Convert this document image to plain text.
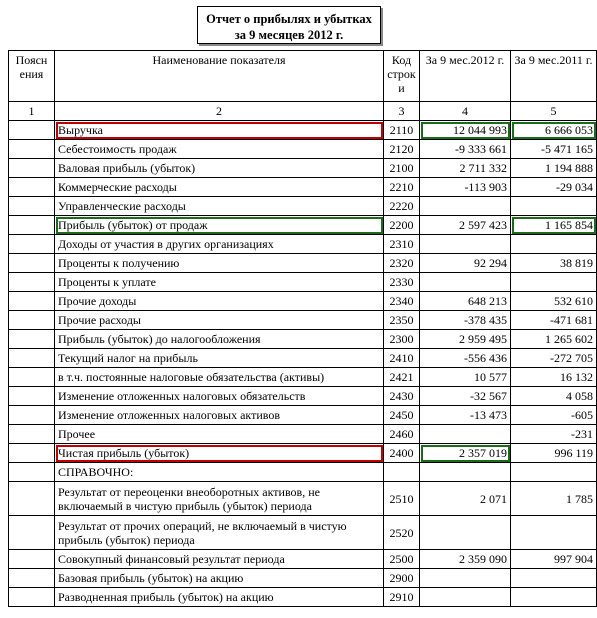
Отчет о прибылях и убытках
за 9 месяцев 2012 г.
Поясн ения	Наименование показателя	Код строк и	За 9 мес.2012 г.	За 9 мес.2011 г.
1	2	3	4	5
	Выручка	2110	12 044 993	6 666 053
	Себестоимость продаж	2120	-9 333 661	-5 471 165
	Валовая прибыль (убыток)	2100	2 711 332	1 194 888
	Коммерческие расходы	2210	-113 903	-29 034
	Управленческие расходы	2220		
	Прибыль (убыток) от продаж	2200	2 597 423	1 165 854
	Доходы от участия в других организациях	2310		
	Проценты к получению	2320	92 294	38 819
	Проценты к уплате	2330		
	Прочие доходы	2340	648 213	532 610
	Прочие расходы	2350	-378 435	-471 681
	Прибыль (убыток) до налогообложения	2300	2 959 495	1 265 602
	Текущий налог на прибыль	2410	-556 436	-272 705
	в т.ч. постоянные налоговые обязательства (активы)	2421	10 577	16 132
	Изменение отложенных налоговых обязательств	2430	-32 567	4 058
	Изменение отложенных налоговых активов	2450	-13 473	-605
	Прочее	2460		-231
	Чистая прибыль (убыток)	2400	2 357 019	996 119
	СПРАВОЧНО:			
	Результат от переоценки внеоборотных активов, не включаемый в чистую прибыль (убыток) периода	2510	2 071	1 785
	Результат от прочих операций, не включаемый в чистую прибыль (убыток) периода	2520		
	Совокупный финансовый результат периода	2500	2 359 090	997 904
	Базовая прибыль (убыток) на акцию	2900		
	Разводненная прибыль (убыток) на акцию	2910		
